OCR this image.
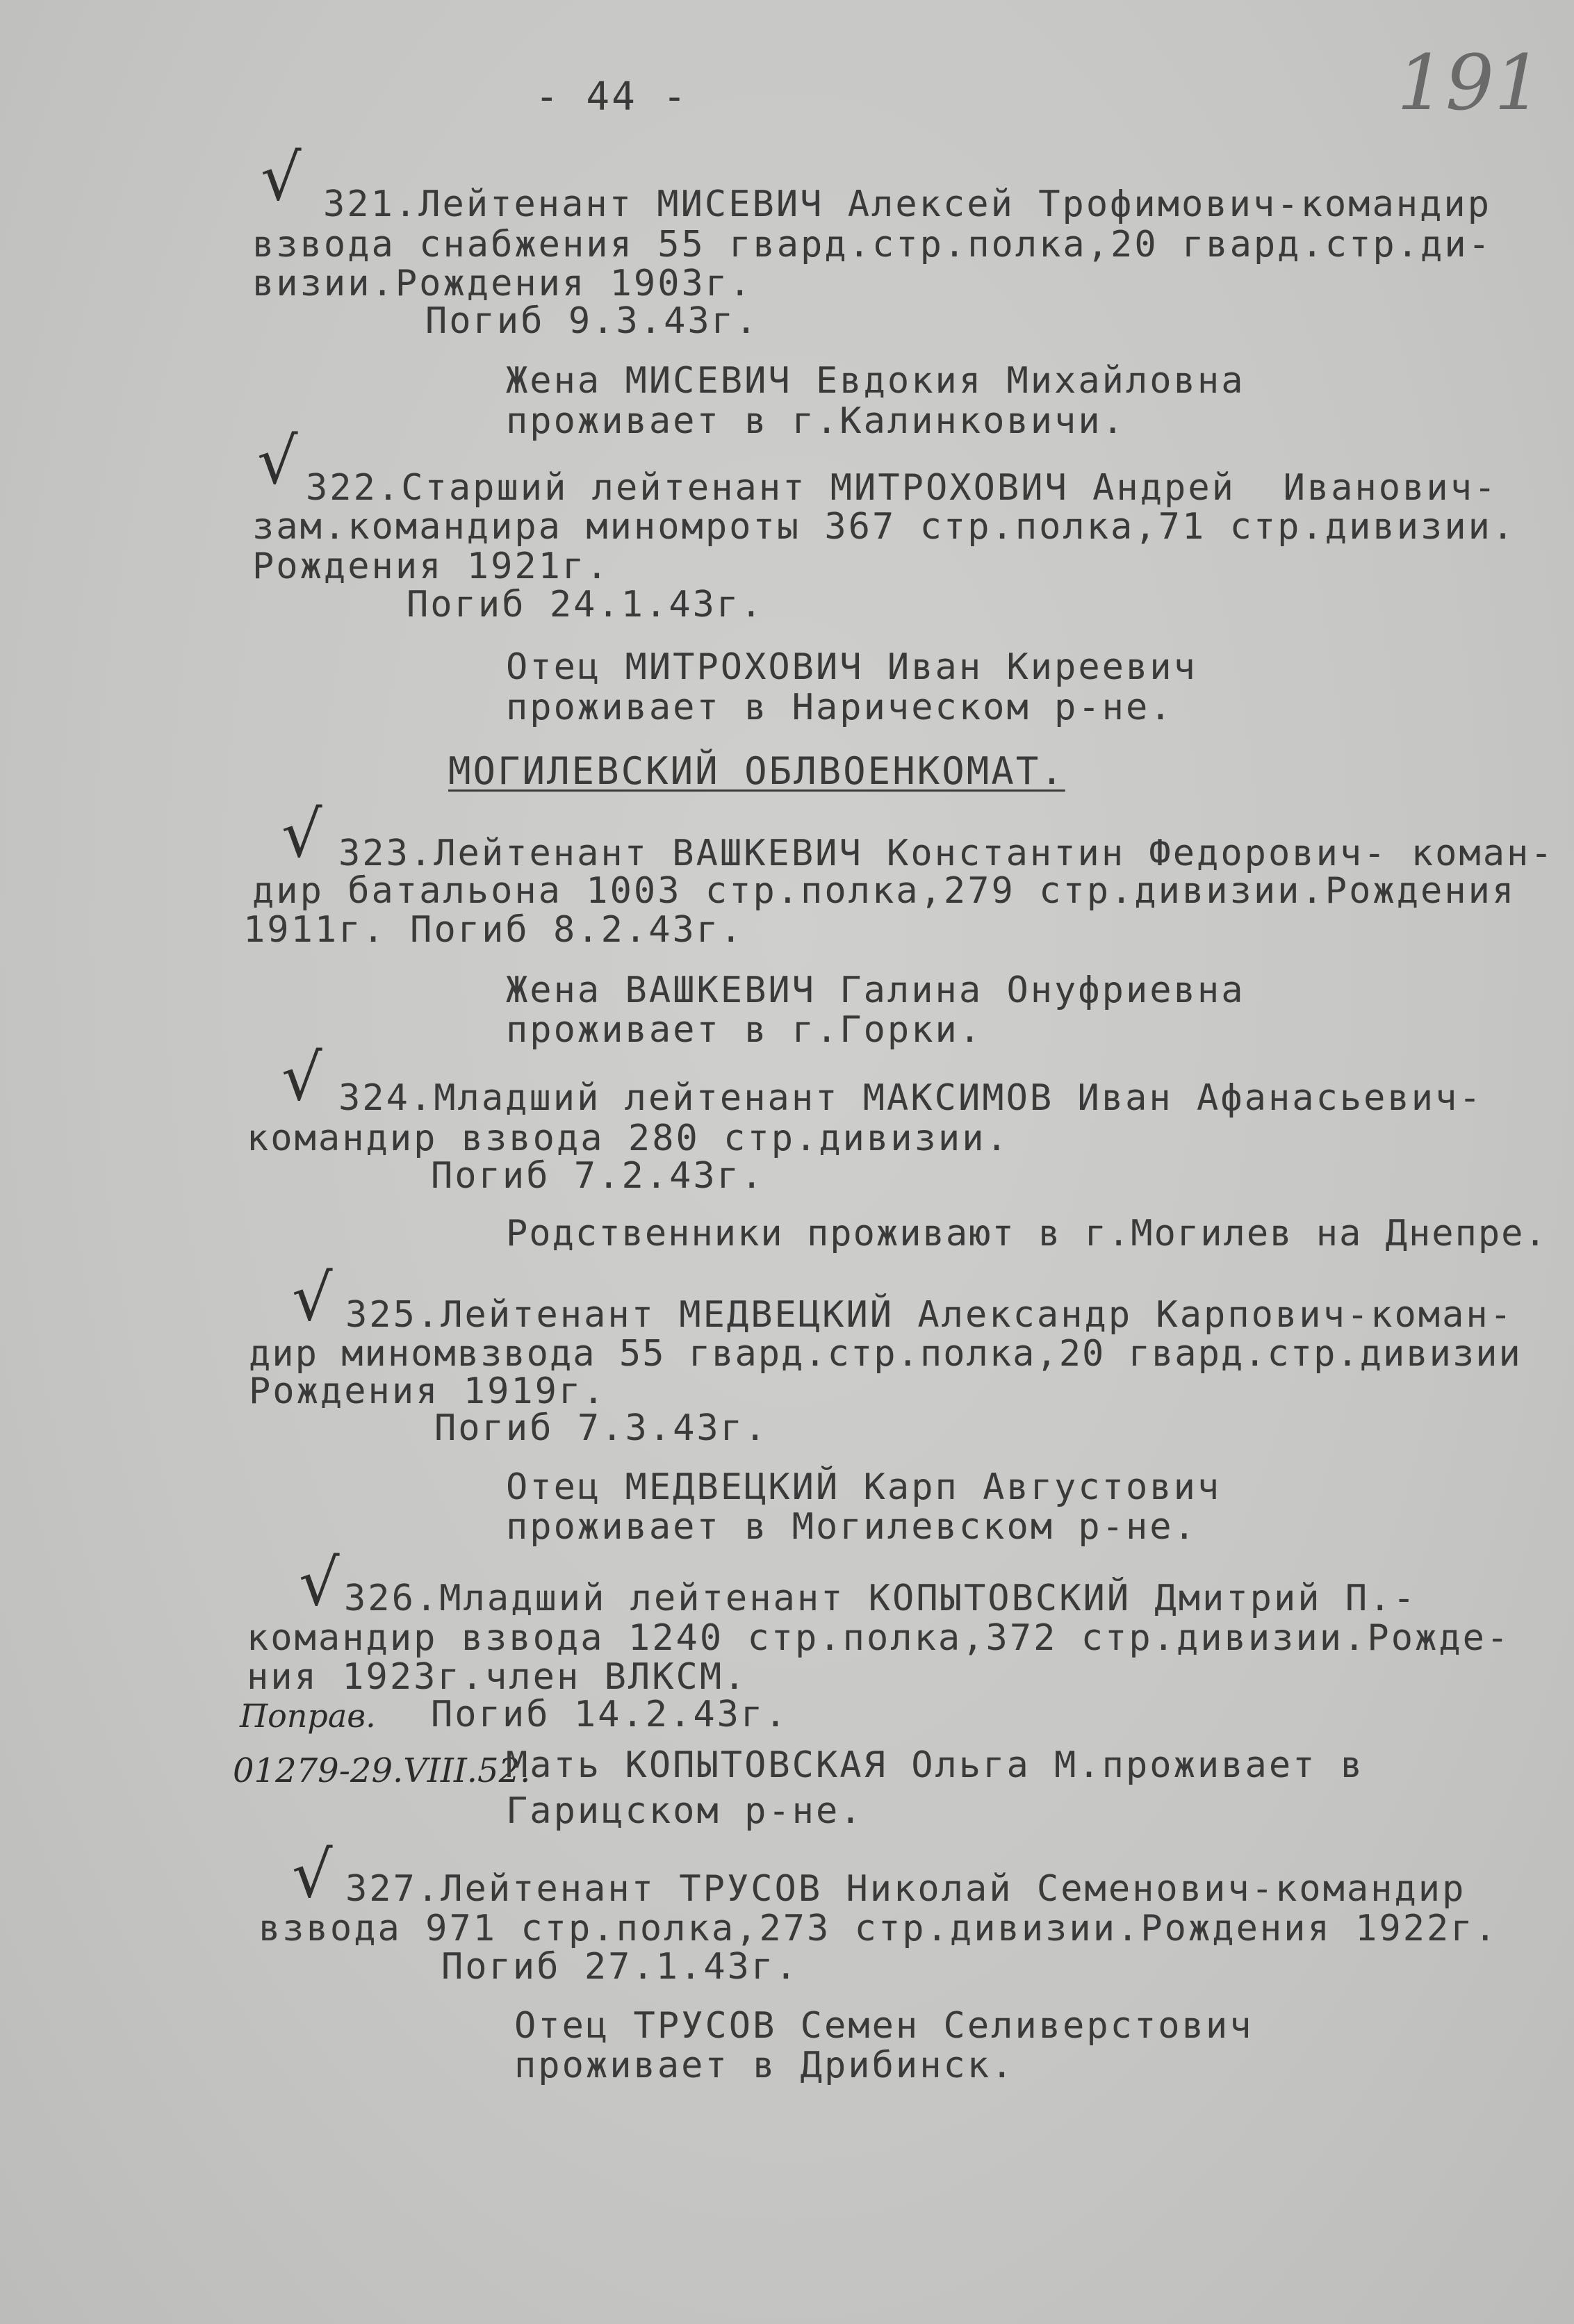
- 44 -	191
√ 321.Лейтенант МИСЕВИЧ Алексей Трофимович-командир
взвода снабжения 55 гвард.стр.полка,20 гвард.стр.ди-
визии.Рождения 1903г.
Погиб 9.3.43г.
Жена МИСЕВИЧ Евдокия Михайловна
проживает в г.Калинковичи.
√ 322.Старший лейтенант МИТРОХОВИЧ Андрей  Иванович-
зам.командира миномроты 367 стр.полка,71 стр.дивизии.
Рождения 1921г.
Погиб 24.1.43г.
Отец МИТРОХОВИЧ Иван Киреевич
проживает в Нарическом р-не.
МОГИЛЕВСКИЙ ОБЛВОЕНКОМАТ.
√ 323.Лейтенант ВАШКЕВИЧ Константин Федорович- коман-
дир батальона 1003 стр.полка,279 стр.дивизии.Рождения
1911г. Погиб 8.2.43г.
Жена ВАШКЕВИЧ Галина Онуфриевна
проживает в г.Горки.
√ 324.Младший лейтенант МАКСИМОВ Иван Афанасьевич-
командир взвода 280 стр.дивизии.
Погиб 7.2.43г.
Родственники проживают в г.Могилев на Днепре.
√ 325.Лейтенант МЕДВЕЦКИЙ Александр Карпович-коман-
дир миномвзвода 55 гвард.стр.полка,20 гвард.стр.дивизии
Рождения 1919г.
Погиб 7.3.43г.
Отец МЕДВЕЦКИЙ Карп Августович
проживает в Могилевском р-не.
√ 326.Младший лейтенант КОПЫТОВСКИЙ Дмитрий П.-
командир взвода 1240 стр.полка,372 стр.дивизии.Рожде-
ния 1923г.член ВЛКСМ.
Поправ. Погиб 14.2.43г.
01279-29.VIII.52.
Мать КОПЫТОВСКАЯ Ольга М.проживает в
Гарицском р-не.
√ 327.Лейтенант ТРУСОВ Николай Семенович-командир
взвода 971 стр.полка,273 стр.дивизии.Рождения 1922г.
Погиб 27.1.43г.
Отец ТРУСОВ Семен Селиверстович
проживает в Дрибинск.
